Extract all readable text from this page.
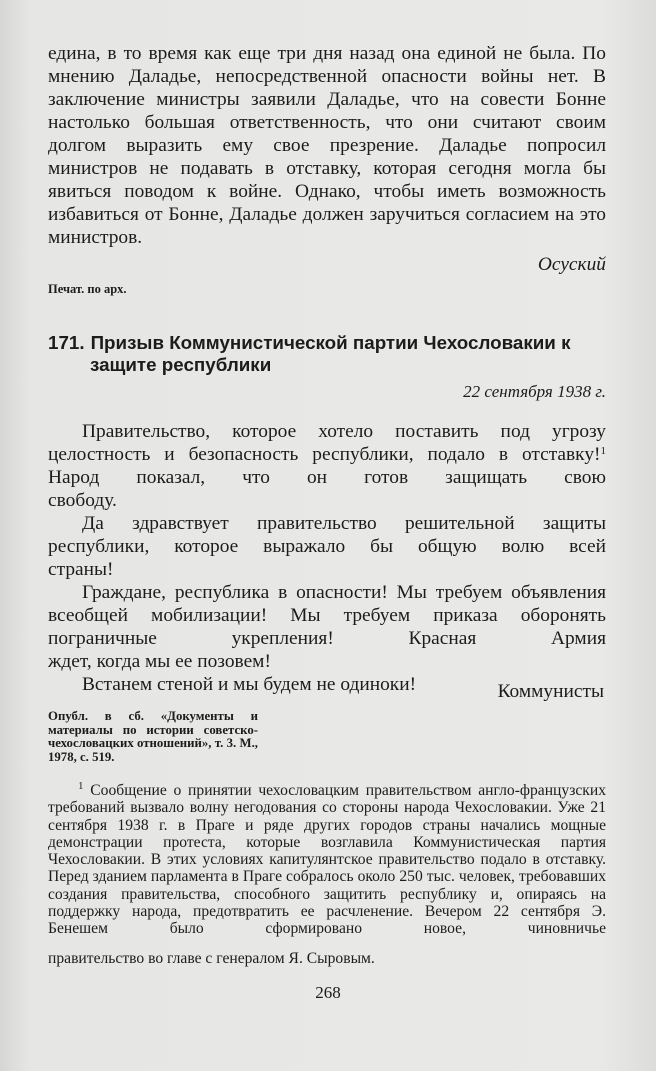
единa, в то время как еще три дня назад она единой не была. По мнению Даладье, непосредственной опасности войны нет. В заключение министры заявили Даладье, что на совести Бонне настолько большая ответственность, что они считают своим долгом выразить ему свое презрение. Даладье попросил министров не подавать в отставку, которая сегодня могла бы явиться поводом к войне. Однако, чтобы иметь возможность избавиться от Бонне, Даладье должен заручиться согласием на это

министров.

Осуский
Печат. по арх.
171. Призыв Коммунистической партии Чехословакии к
защите республики
22 сентября 1938 г.

Правительство, которое хотело поставить под угрозу целостность и безопасность республики, подало в отставку!$^1$ Народ показал, что он готов защищать свою

свободу.

Да здравствует правительство решительной защиты республики, которое выражало бы общую волю всей

страны!

Граждане, республика в опасности! Мы требуем объявления всеобщей мобилизации! Мы требуем приказа оборонять пограничные укрепления! Красная Армия

ждет, когда мы ее позовем!

Встанем стеной и мы будем не одиноки!	Коммунисты
Опубл. в сб. «Документы и материалы по истории советско-чехословацких отношений», т. 3. М., 1978, с. 519.
$^1$ Сообщение о принятии чехословацким правительством англо-французских требований вызвало волну негодования со стороны народа Чехословакии. Уже 21 сентября 1938 г. в Праге и ряде других городов страны начались мощные демонстрации протеста, которые возглавила Коммунистическая партия Чехословакии. В этих условиях капитулянтское правительство подало в отставку. Перед зданием парламента в Праге собралось около 250 тыс. человек, требовавших создания правительства, способного защитить республику и, опираясь на поддержку народа, предотвратить ее расчленение. Вечером 22 сентября Э. Бенешем было сформировано новое, чиновничье
правительство во главе с генералом Я. Сыровым.
268
